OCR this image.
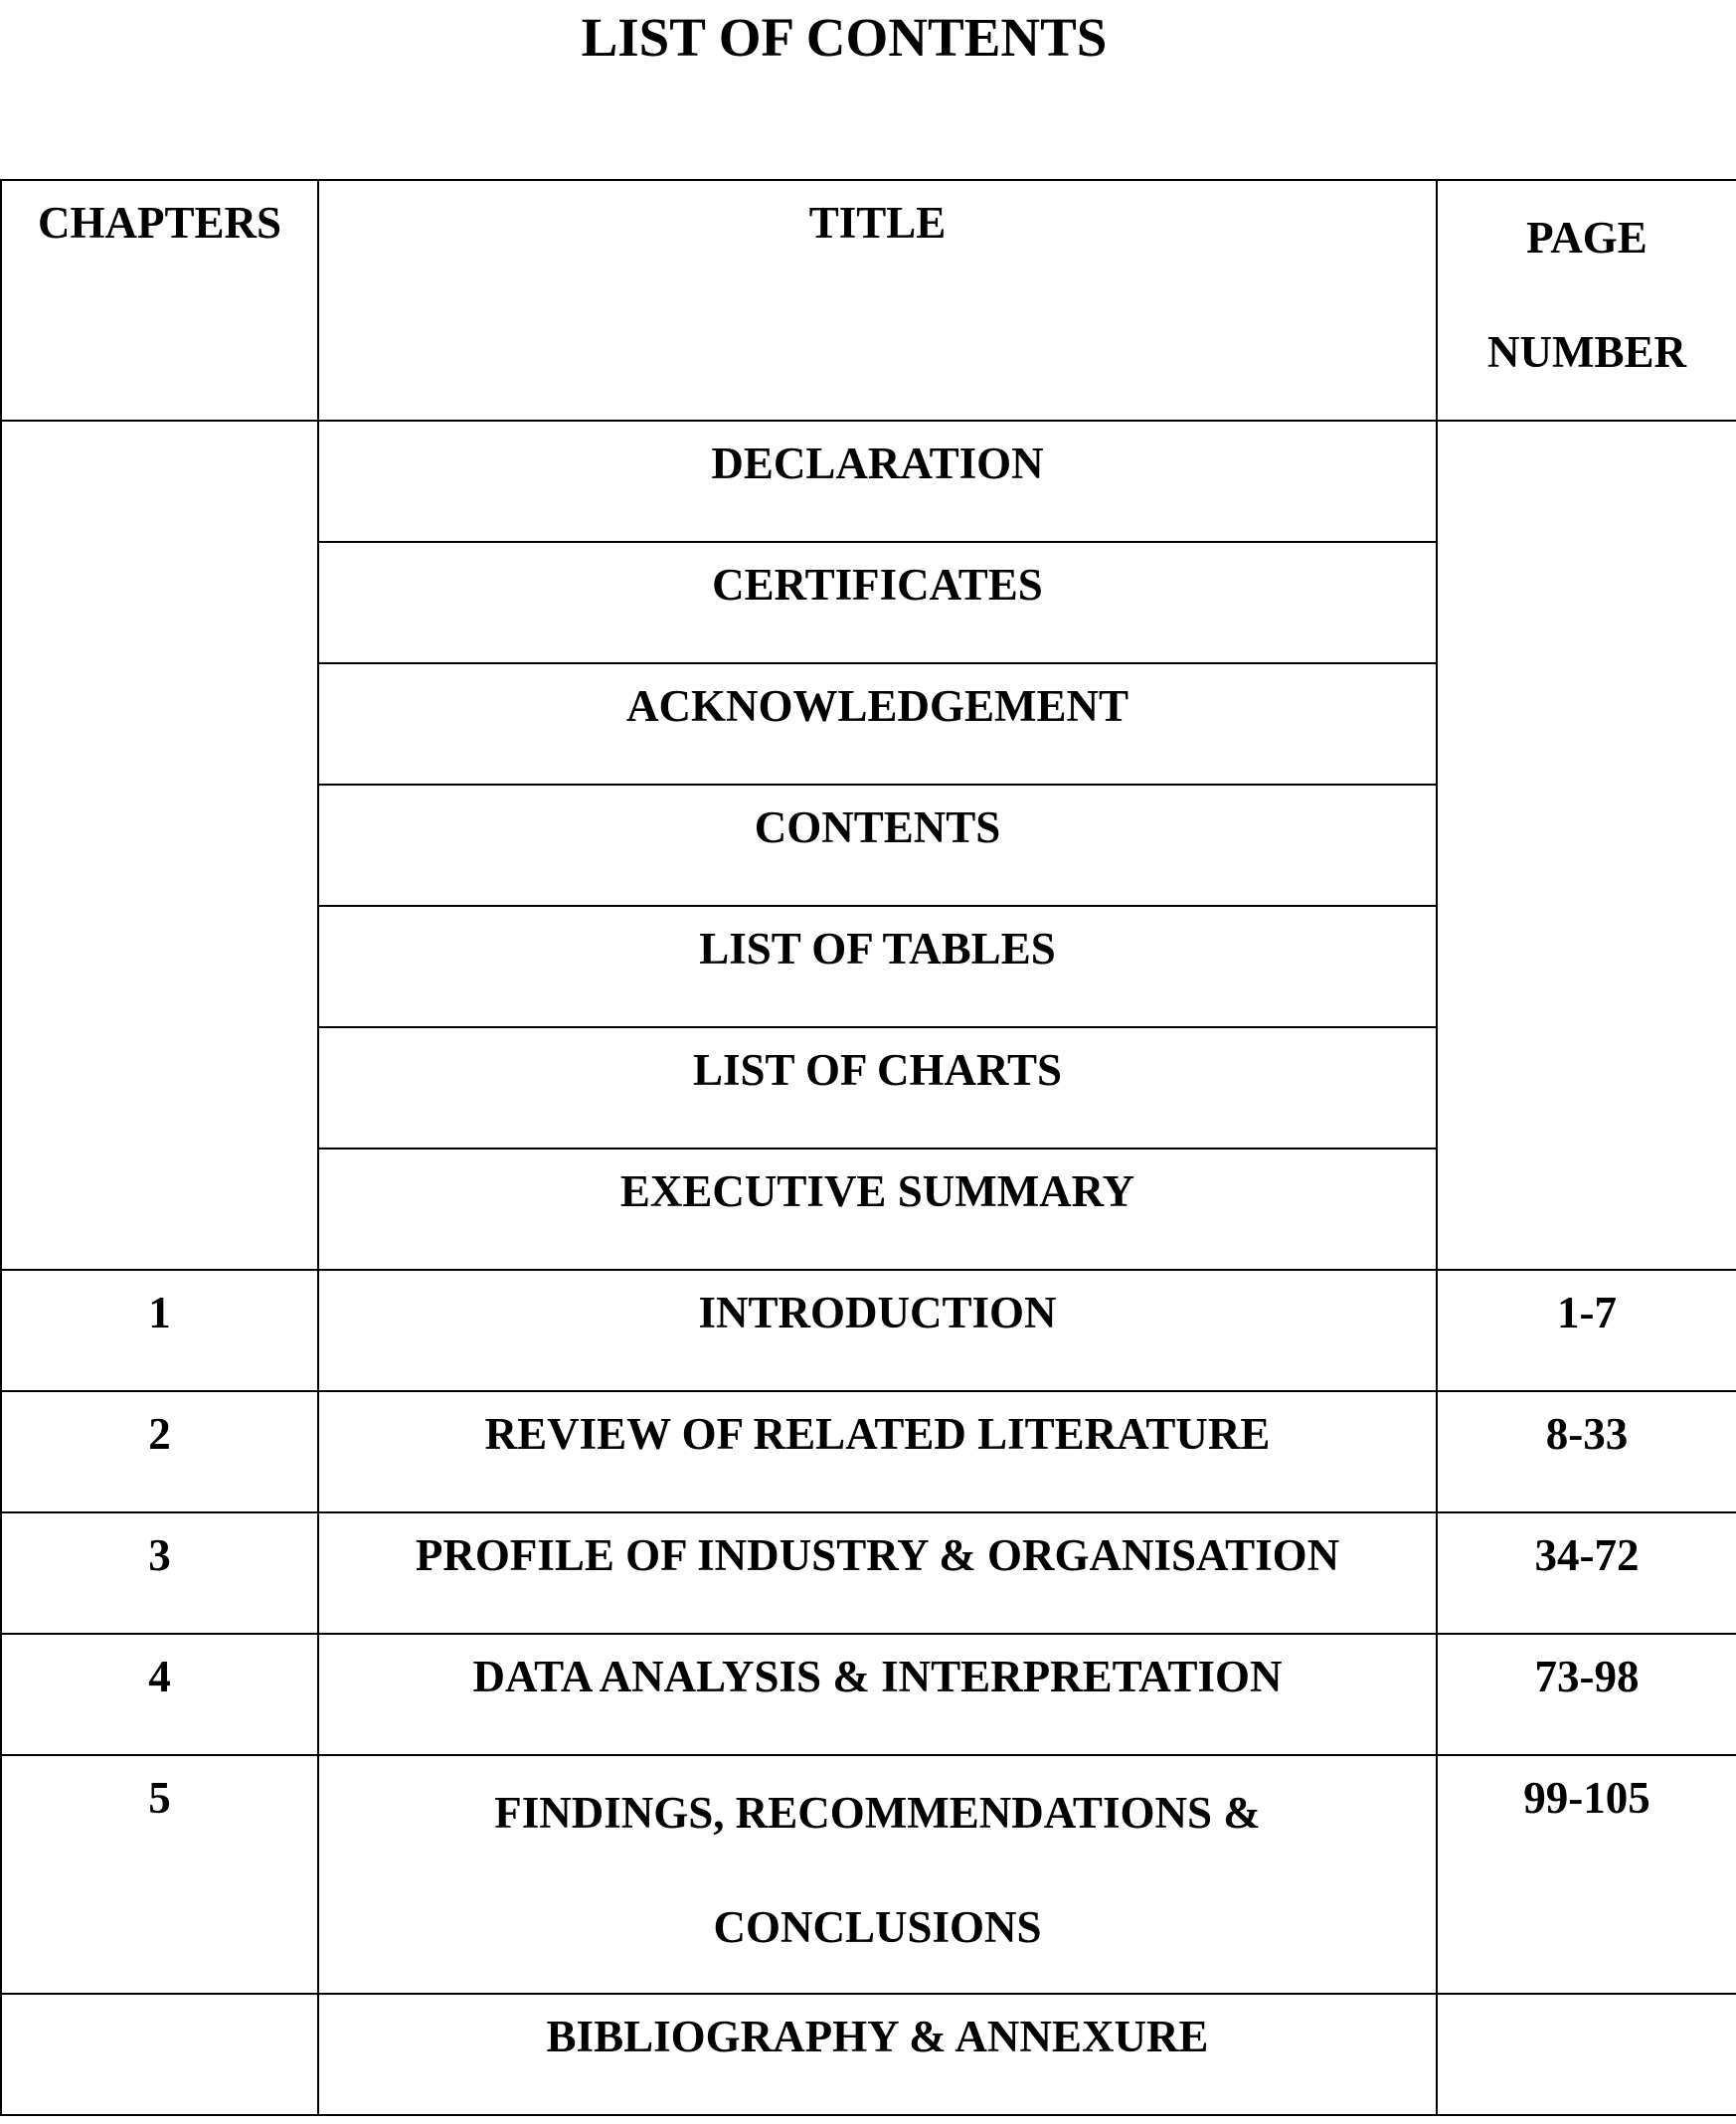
LIST OF CONTENTS
CHAPTERS	TITLE	PAGE NUMBER

	DECLARATION	

	CERTIFICATES	

	ACKNOWLEDGEMENT	

	CONTENTS	

	LIST OF TABLES	

	LIST OF CHARTS	

	EXECUTIVE SUMMARY	

1	INTRODUCTION	1-7

2	REVIEW OF RELATED LITERATURE	8-33

3	PROFILE OF INDUSTRY & ORGANISATION	34-72

4	DATA ANALYSIS & INTERPRETATION	73-98

5	FINDINGS, RECOMMENDATIONS & CONCLUSIONS	99-105

	BIBLIOGRAPHY & ANNEXURE	
